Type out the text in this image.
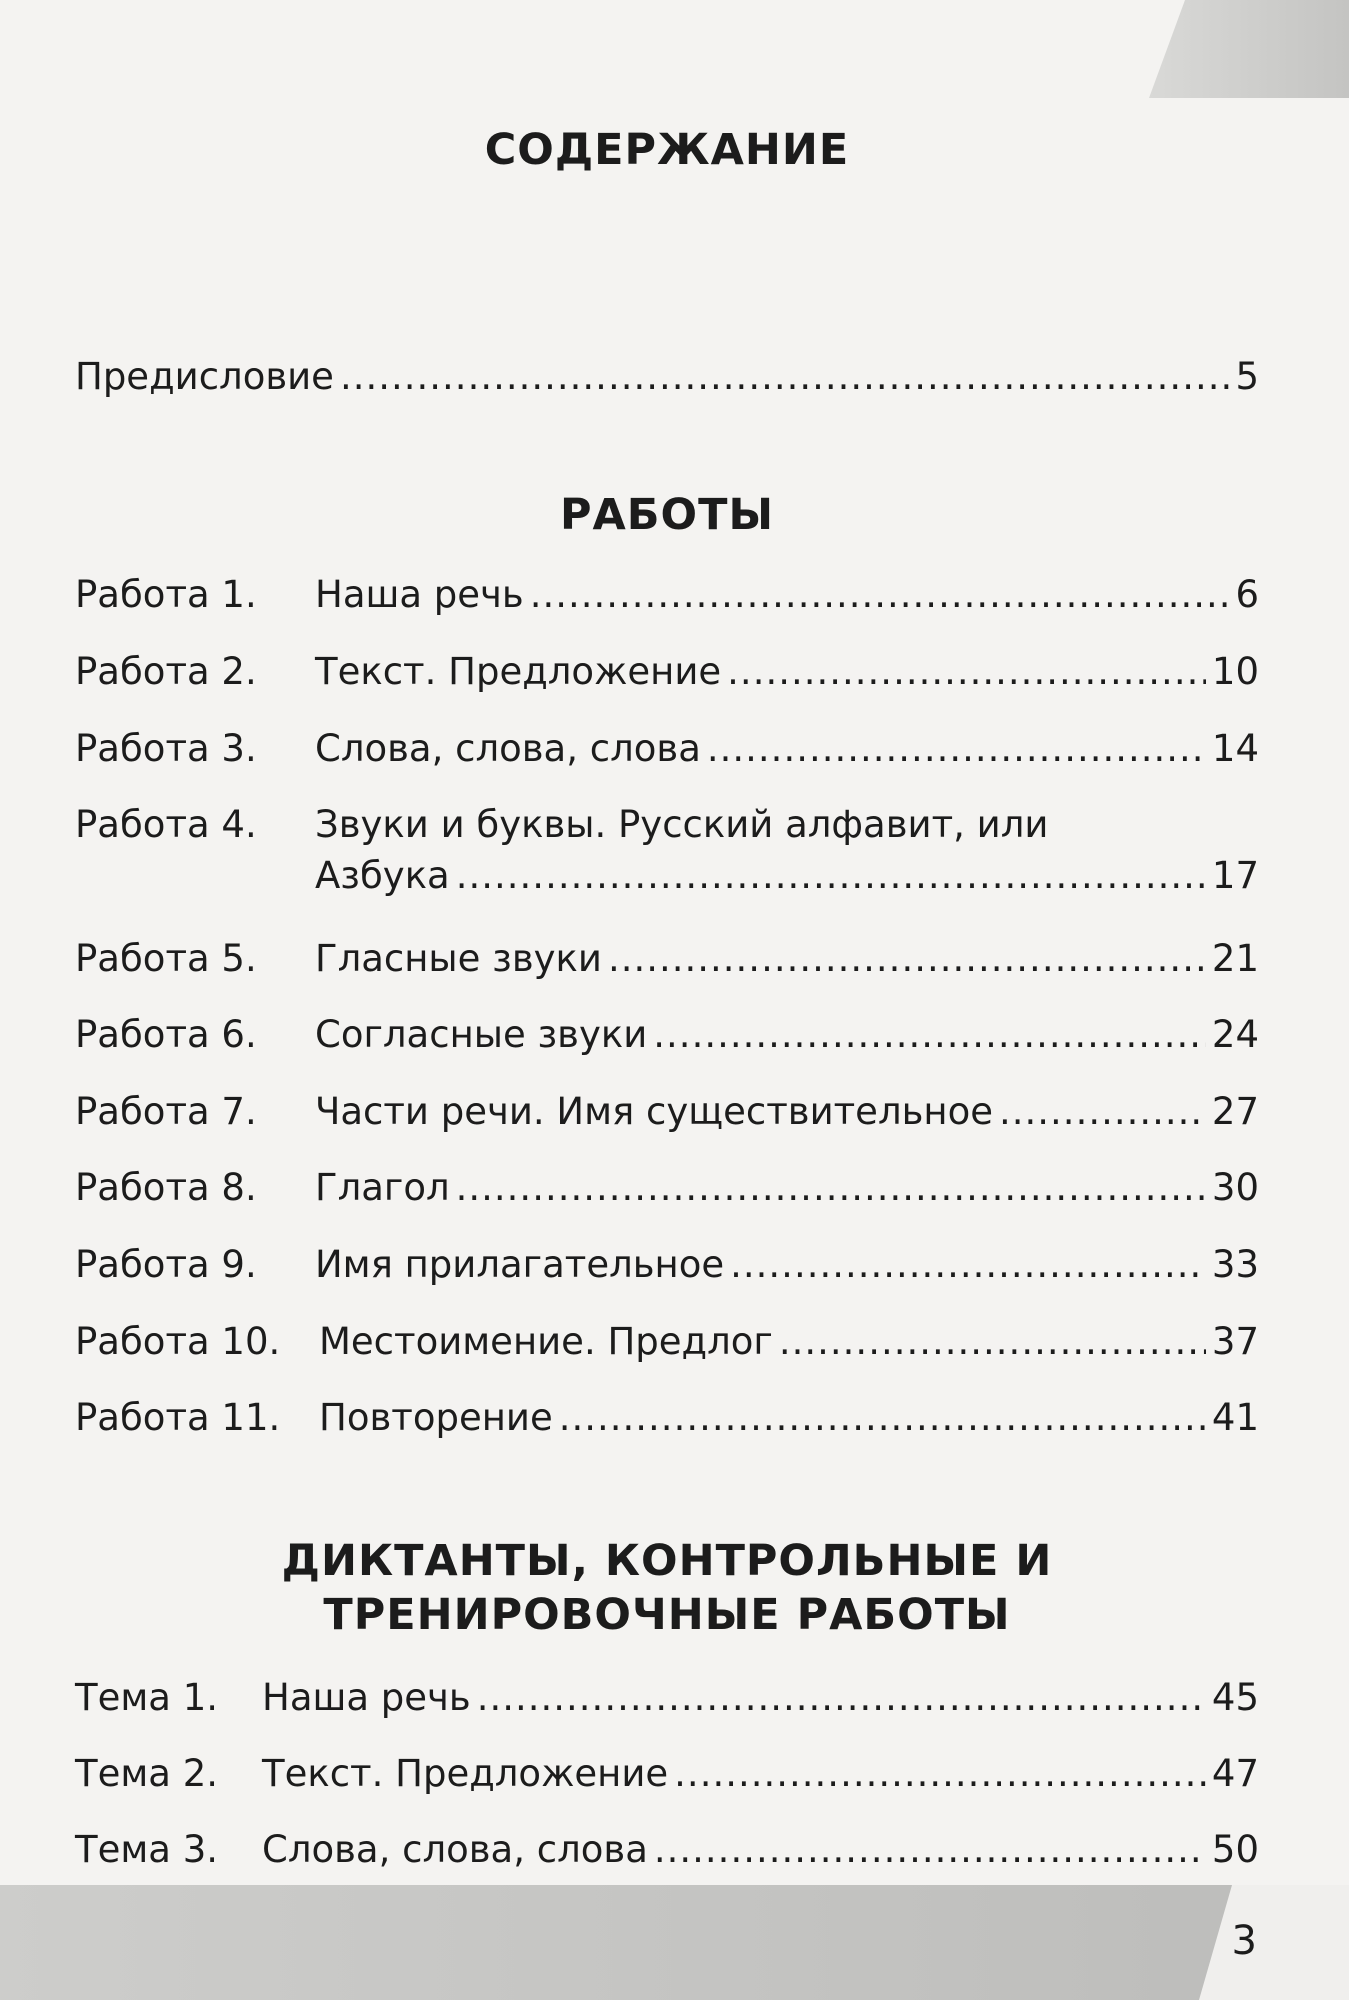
СОДЕРЖАНИЕ
Предисловие .....	5
РАБОТЫ
Работа 1.	Наша речь .....	6
Работа 2.	Текст. Предложение .....	10
Работа 3.	Слова, слова, слова .....	14
Работа 4. Звуки и буквы. Русский алфавит, или
Азбука .....	17
Работа 5.	Гласные звуки .....	21
Работа 6.	Согласные звуки .....	24
Работа 7.	Части речи. Имя существительное .....	27
Работа 8.	Глагол .....	30
Работа 9.	Имя прилагательное .....	33
Работа 10.	Местоимение. Предлог .....	37
Работа 11.	Повторение .....	41
ДИКТАНТЫ, КОНТРОЛЬНЫЕ И
ТРЕНИРОВОЧНЫЕ РАБОТЫ
Тема 1.	Наша речь .....	45
Тема 2.	Текст. Предложение .....	47
Тема 3.	Слова, слова, слова .....	50
3
